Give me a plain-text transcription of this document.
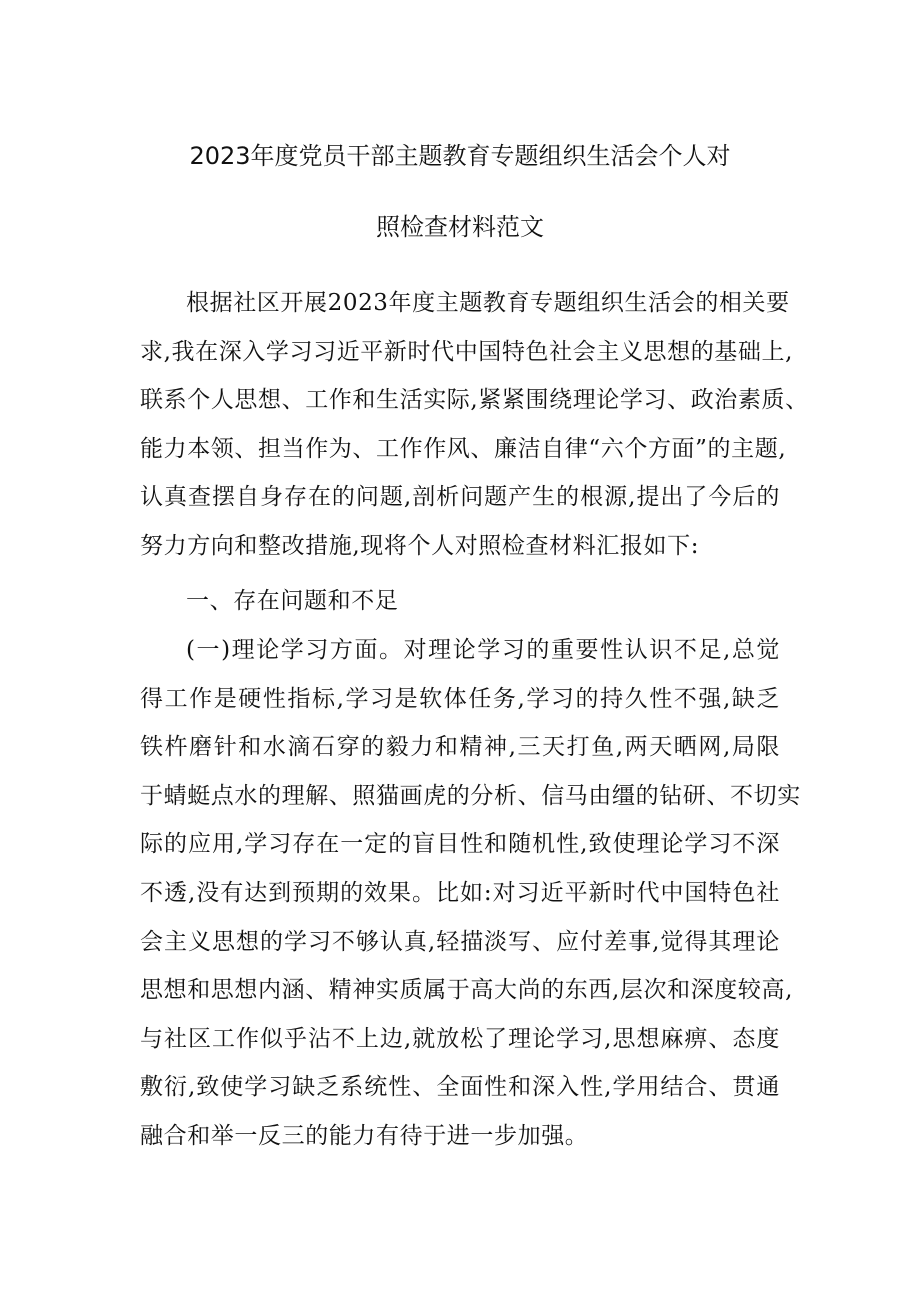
2023年度党员干部主题教育专题组织生活会个人对
照检查材料范文
根据社区开展2023年度主题教育专题组织生活会的相关要
求,我在深入学习习近平新时代中国特色社会主义思想的基础上,
联系个人思想、工作和生活实际,紧紧围绕理论学习、政治素质、
能力本领、担当作为、工作作风、廉洁自律“六个方面”的主题,
认真查摆自身存在的问题,剖析问题产生的根源,提出了今后的
努力方向和整改措施,现将个人对照检查材料汇报如下:
一、存在问题和不足
(一)理论学习方面。对理论学习的重要性认识不足,总觉
得工作是硬性指标,学习是软体任务,学习的持久性不强,缺乏
铁杵磨针和水滴石穿的毅力和精神,三天打鱼,两天晒网,局限
于蜻蜓点水的理解、照猫画虎的分析、信马由缰的钻研、不切实
际的应用,学习存在一定的盲目性和随机性,致使理论学习不深
不透,没有达到预期的效果。比如:对习近平新时代中国特色社
会主义思想的学习不够认真,轻描淡写、应付差事,觉得其理论
思想和思想内涵、精神实质属于高大尚的东西,层次和深度较高,
与社区工作似乎沾不上边,就放松了理论学习,思想麻痹、态度
敷衍,致使学习缺乏系统性、全面性和深入性,学用结合、贯通
融合和举一反三的能力有待于进一步加强。
